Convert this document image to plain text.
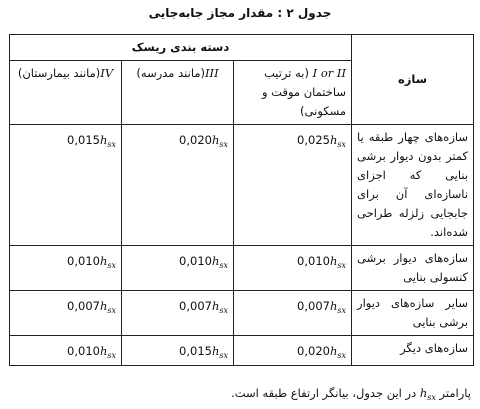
جدول ۲ : مقدار مجاز جابه‌جایی
سازه	دسته بندی ریسک		
	I or II (به ترتیب ساختمان موقت و مسکونی)	III(مانند مدرسه)	IV(مانند بیمارستان)
سازه‌های چهار طبقه یا کمتر بدون دیوار برشی بنایی که اجزای ناسازه‌ای آن برای جابجایی زلزله طراحی شده‌اند.	$0,025h_{sx}$	$0,020h_{sx}$	$0,015h_{sx}$
سازه‌های دیوار برشی کنسولی بنایی	$0,010h_{sx}$	$0,010h_{sx}$	$0,010h_{sx}$
سایر سازه‌های دیوار برشی بنایی	$0,007h_{sx}$	$0,007h_{sx}$	$0,007h_{sx}$
سازه‌های دیگر	$0,020h_{sx}$	$0,015h_{sx}$	$0,010h_{sx}$
پارامتر $h_{sx}$ در این جدول، بیانگر ارتفاع طبقه است.
